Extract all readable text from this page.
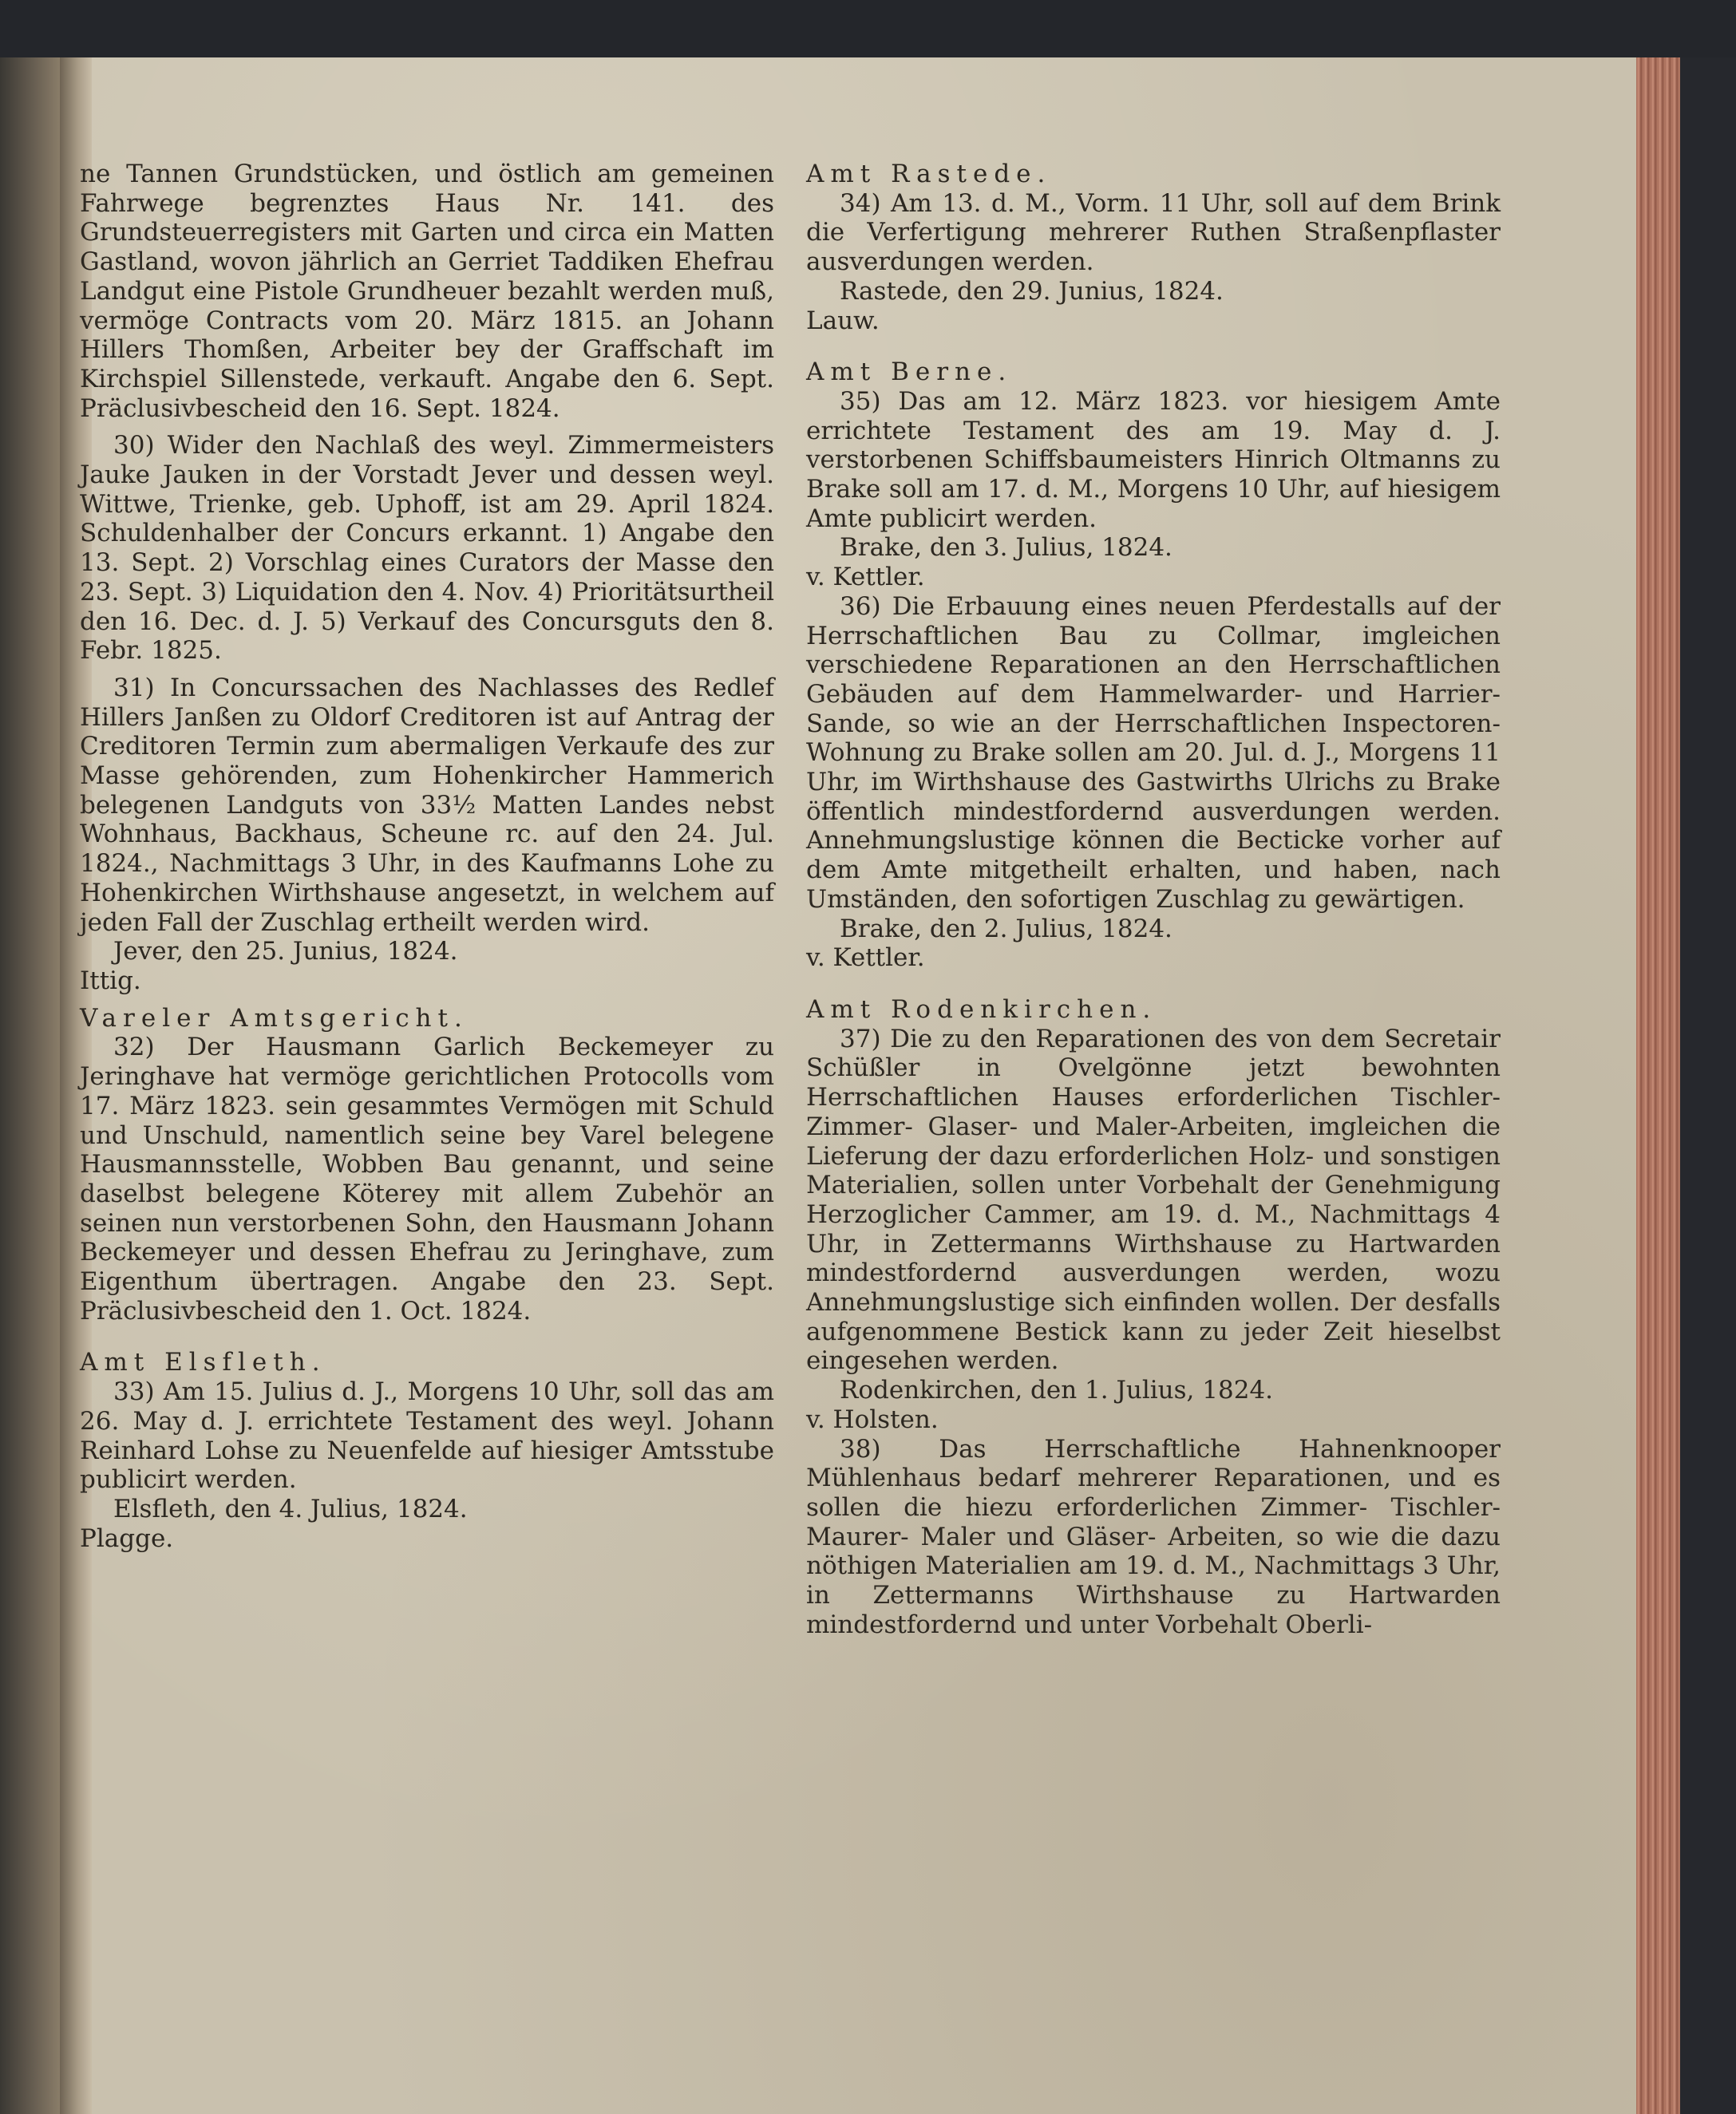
ne Tannen Grundstücken, und östlich am gemeinen Fahrwege begrenztes Haus Nr. 141. des Grundsteuerregisters mit Garten und circa ein Matten Gastland, wovon jährlich an Gerriet Taddiken Ehefrau Landgut eine Pistole Grundheuer bezahlt werden muß, vermöge Contracts vom 20. März 1815. an Johann Hillers Thomßen, Arbeiter bey der Graffschaft im Kirchspiel Sillenstede, verkauft. Angabe den 6. Sept. Präclusivbescheid den 16. Sept. 1824.

30) Wider den Nachlaß des weyl. Zimmermeisters Jauke Jauken in der Vorstadt Jever und dessen weyl. Wittwe, Trienke, geb. Uphoff, ist am 29. April 1824. Schuldenhalber der Concurs erkannt. 1) Angabe den 13. Sept. 2) Vorschlag eines Curators der Masse den 23. Sept. 3) Liquidation den 4. Nov. 4) Prioritätsurtheil den 16. Dec. d. J. 5) Verkauf des Concursguts den 8. Febr. 1825.

31) In Concurssachen des Nachlasses des Redlef Hillers Janßen zu Oldorf Creditoren ist auf Antrag der Creditoren Termin zum abermaligen Verkaufe des zur Masse gehörenden, zum Hohenkircher Hammerich belegenen Landguts von 33½ Matten Landes nebst Wohnhaus, Backhaus, Scheune rc. auf den 24. Jul. 1824., Nachmittags 3 Uhr, in des Kaufmanns Lohe zu Hohenkirchen Wirthshause angesetzt, in welchem auf jeden Fall der Zuschlag ertheilt werden wird.

Jever, den 25. Junius, 1824.

Ittig.

Vareler Amtsgericht.

32) Der Hausmann Garlich Beckemeyer zu Jeringhave hat vermöge gerichtlichen Protocolls vom 17. März 1823. sein gesammtes Vermögen mit Schuld und Unschuld, namentlich seine bey Varel belegene Hausmannsstelle, Wobben Bau genannt, und seine daselbst belegene Köterey mit allem Zubehör an seinen nun verstorbenen Sohn, den Hausmann Johann Beckemeyer und dessen Ehefrau zu Jeringhave, zum Eigenthum übertragen. Angabe den 23. Sept. Präclusivbescheid den 1. Oct. 1824.

Amt Elsfleth.

33) Am 15. Julius d. J., Morgens 10 Uhr, soll das am 26. May d. J. errichtete Testament des weyl. Johann Reinhard Lohse zu Neuenfelde auf hiesiger Amtsstube publicirt werden.

Elsfleth, den 4. Julius, 1824.

Plagge.

Amt Rastede.

34) Am 13. d. M., Vorm. 11 Uhr, soll auf dem Brink die Verfertigung mehrerer Ruthen Straßenpflaster ausverdungen werden.

Rastede, den 29. Junius, 1824.

Lauw.

Amt Berne.

35) Das am 12. März 1823. vor hiesigem Amte errichtete Testament des am 19. May d. J. verstorbenen Schiffsbaumeisters Hinrich Oltmanns zu Brake soll am 17. d. M., Morgens 10 Uhr, auf hiesigem Amte publicirt werden.

Brake, den 3. Julius, 1824.

v. Kettler.

36) Die Erbauung eines neuen Pferdestalls auf der Herrschaftlichen Bau zu Collmar, imgleichen verschiedene Reparationen an den Herrschaftlichen Gebäuden auf dem Hammelwarder- und Harrier-Sande, so wie an der Herrschaftlichen Inspectoren-Wohnung zu Brake sollen am 20. Jul. d. J., Morgens 11 Uhr, im Wirthshause des Gastwirths Ulrichs zu Brake öffentlich mindestfordernd ausverdungen werden. Annehmungslustige können die Bесticke vorher auf dem Amte mitgetheilt erhalten, und haben, nach Umständen, den sofortigen Zuschlag zu gewärtigen.

Brake, den 2. Julius, 1824.

v. Kettler.

Amt Rodenkirchen.

37) Die zu den Reparationen des von dem Secretair Schüßler in Ovelgönne jetzt bewohnten Herrschaftlichen Hauses erforderlichen Tischler- Zimmer- Glaser- und Maler-Arbeiten, imgleichen die Lieferung der dazu erforderlichen Holz- und sonstigen Materialien, sollen unter Vorbehalt der Genehmigung Herzoglicher Cammer, am 19. d. M., Nachmittags 4 Uhr, in Zettermanns Wirthshause zu Hartwarden mindestfordernd ausverdungen werden, wozu Annehmungslustige sich einfinden wollen. Der desfalls aufgenommene Bestick kann zu jeder Zeit hieselbst eingesehen werden.

Rodenkirchen, den 1. Julius, 1824.

v. Holsten.

38) Das Herrschaftliche Hahnenknooper Mühlenhaus bedarf mehrerer Reparationen, und es sollen die hiezu erforderlichen Zimmer- Tischler- Maurer- Maler und Gläser- Arbeiten, so wie die dazu nöthigen Materialien am 19. d. M., Nachmittags 3 Uhr, in Zettermanns Wirthshause zu Hartwarden mindestfordernd und unter Vorbehalt Oberli-
